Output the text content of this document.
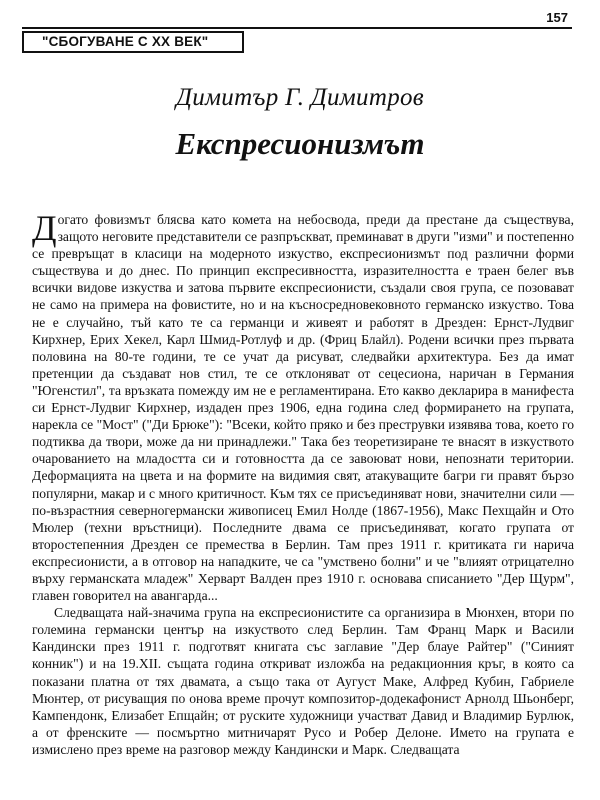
157
"СБОГУВАНЕ С ХХ ВЕК"
Димитър Г. Димитров
Експресионизмът

Догато фовизмът блясва като комета на небосвода, преди да престане да съществува, защото неговите представители се разпръскват, преминават в други "изми" и постепенно се превръщат в класици на модерното изкуство, експресионизмът под различни форми съществува и до днес. По принцип експресивността, изразителността е траен белег във всички видове изкуства и затова първите експресионисти, създали своя група, се позовават не само на примера на фовистите, но и на късносредновековното германско изкуство. Това не е случайно, тъй като те са германци и живеят и работят в Дрезден: Ернст-Лудвиг Кирхнер, Ерих Хекел, Карл Шмид-Ротлуф и др. (Фриц Блайл). Родени всички през първата половина на 80-те години, те се учат да рисуват, следвайки архитектура. Без да имат претенции да създават нов стил, те се отклоняват от сецесиона, наричан в Германия "Югенстил", та връзката помежду им не е регламентирана. Ето какво декларира в манифеста си Ернст-Лудвиг Кирхнер, издаден през 1906, една година след формирането на групата, нарекла се "Мост" ("Ди Брюке"): "Всеки, който пряко и без преструвки изявява това, което го подтиква да твори, може да ни принадлежи." Така без теоретизиране те внасят в изкуството очарованието на младостта си и готовността да се завоюват нови, непознати територии. Деформацията на цвета и на формите на видимия свят, атакуващите багри ги правят бързо популярни, макар и с много критичност. Към тях се присъединяват нови, значителни сили — по-възрастния северногермански живописец Емил Нолде (1867-1956), Макс Пехщайн и Ото Мюлер (техни връстници). Последните двама се присъединяват, когато групата от второстепенния Дрезден се премества в Берлин. Там през 1911 г. критиката ги нарича експресионисти, а в отговор на нападките, че са "умствено болни" и че "влияят отрицателно върху германската младеж" Херварт Валден през 1910 г. основава списанието "Дер Щурм", главен говорител на авангарда...

Следващата най-значима група на експресионистите са организира в Мюнхен, втори по големина германски център на изкуството след Берлин. Там Франц Марк и Васили Кандински през 1911 г. подготвят книгата със заглавие "Дер блауе Райтер" ("Синият конник") и на 19.XII. същата година откриват изложба на редакционния кръг, в която са показани платна от тях двамата, а също така от Аугуст Маке, Алфред Кубин, Габриеле Мюнтер, от рисуващия по онова време прочут композитор-додекафонист Арнолд Шьонберг, Кампендонк, Елизабет Епщайн; от руските художници участват Давид и Владимир Бурлюк, а от френските — посмъртно митничарят Русо и Робер Делоне. Името на групата е измислено през време на разговор между Кандински и Марк. Следващата
